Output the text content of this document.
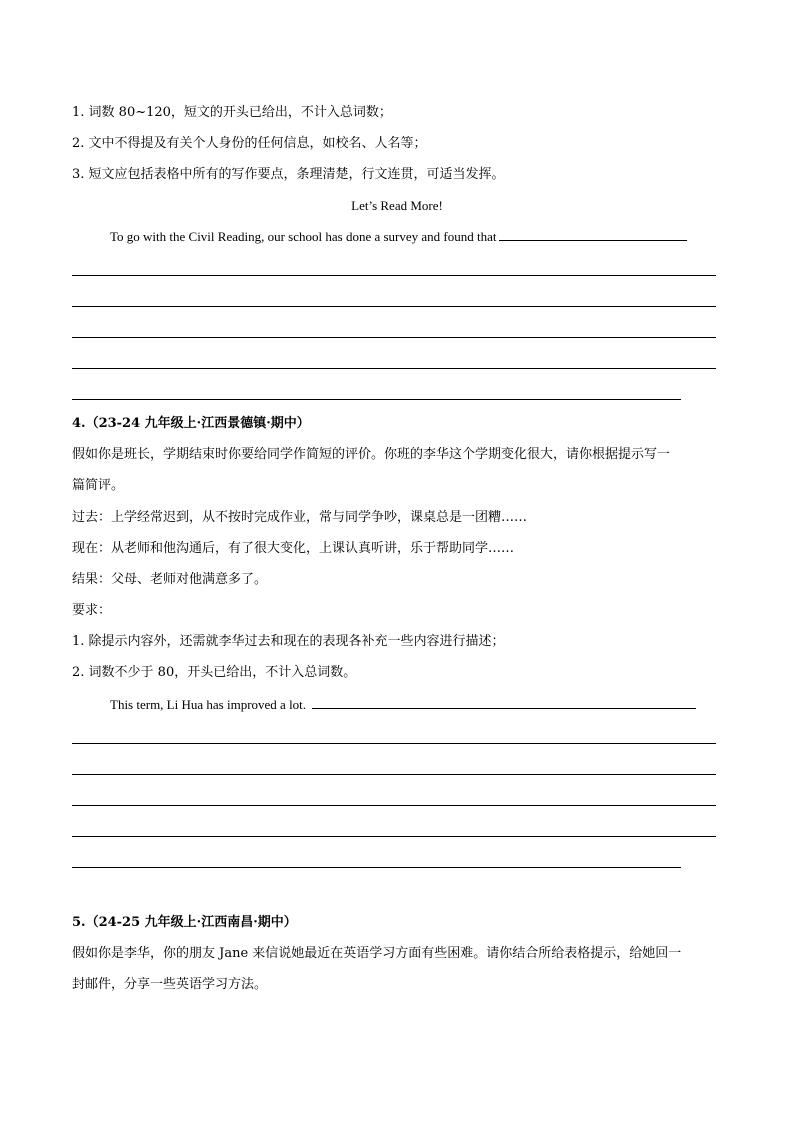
1. 词数 80~120，短文的开头已给出，不计入总词数；
2. 文中不得提及有关个人身份的任何信息，如校名、人名等；
3. 短文应包括表格中所有的写作要点，条理清楚，行文连贯，可适当发挥。
Let’s Read More!
To go with the Civil Reading, our school has done a survey and found that
4.（23-24 九年级上·江西景德镇·期中）
假如你是班长，学期结束时你要给同学作简短的评价。你班的李华这个学期变化很大，请你根据提示写一
篇简评。
过去：上学经常迟到，从不按时完成作业，常与同学争吵，课桌总是一团糟……
现在：从老师和他沟通后，有了很大变化，上课认真听讲，乐于帮助同学……
结果：父母、老师对他满意多了。
要求：
1. 除提示内容外，还需就李华过去和现在的表现各补充一些内容进行描述；
2. 词数不少于 80，开头已给出，不计入总词数。
This term, Li Hua has improved a lot.
5.（24-25 九年级上·江西南昌·期中）
假如你是李华，你的朋友 Jane 来信说她最近在英语学习方面有些困难。请你结合所给表格提示，给她回一
封邮件，分享一些英语学习方法。
